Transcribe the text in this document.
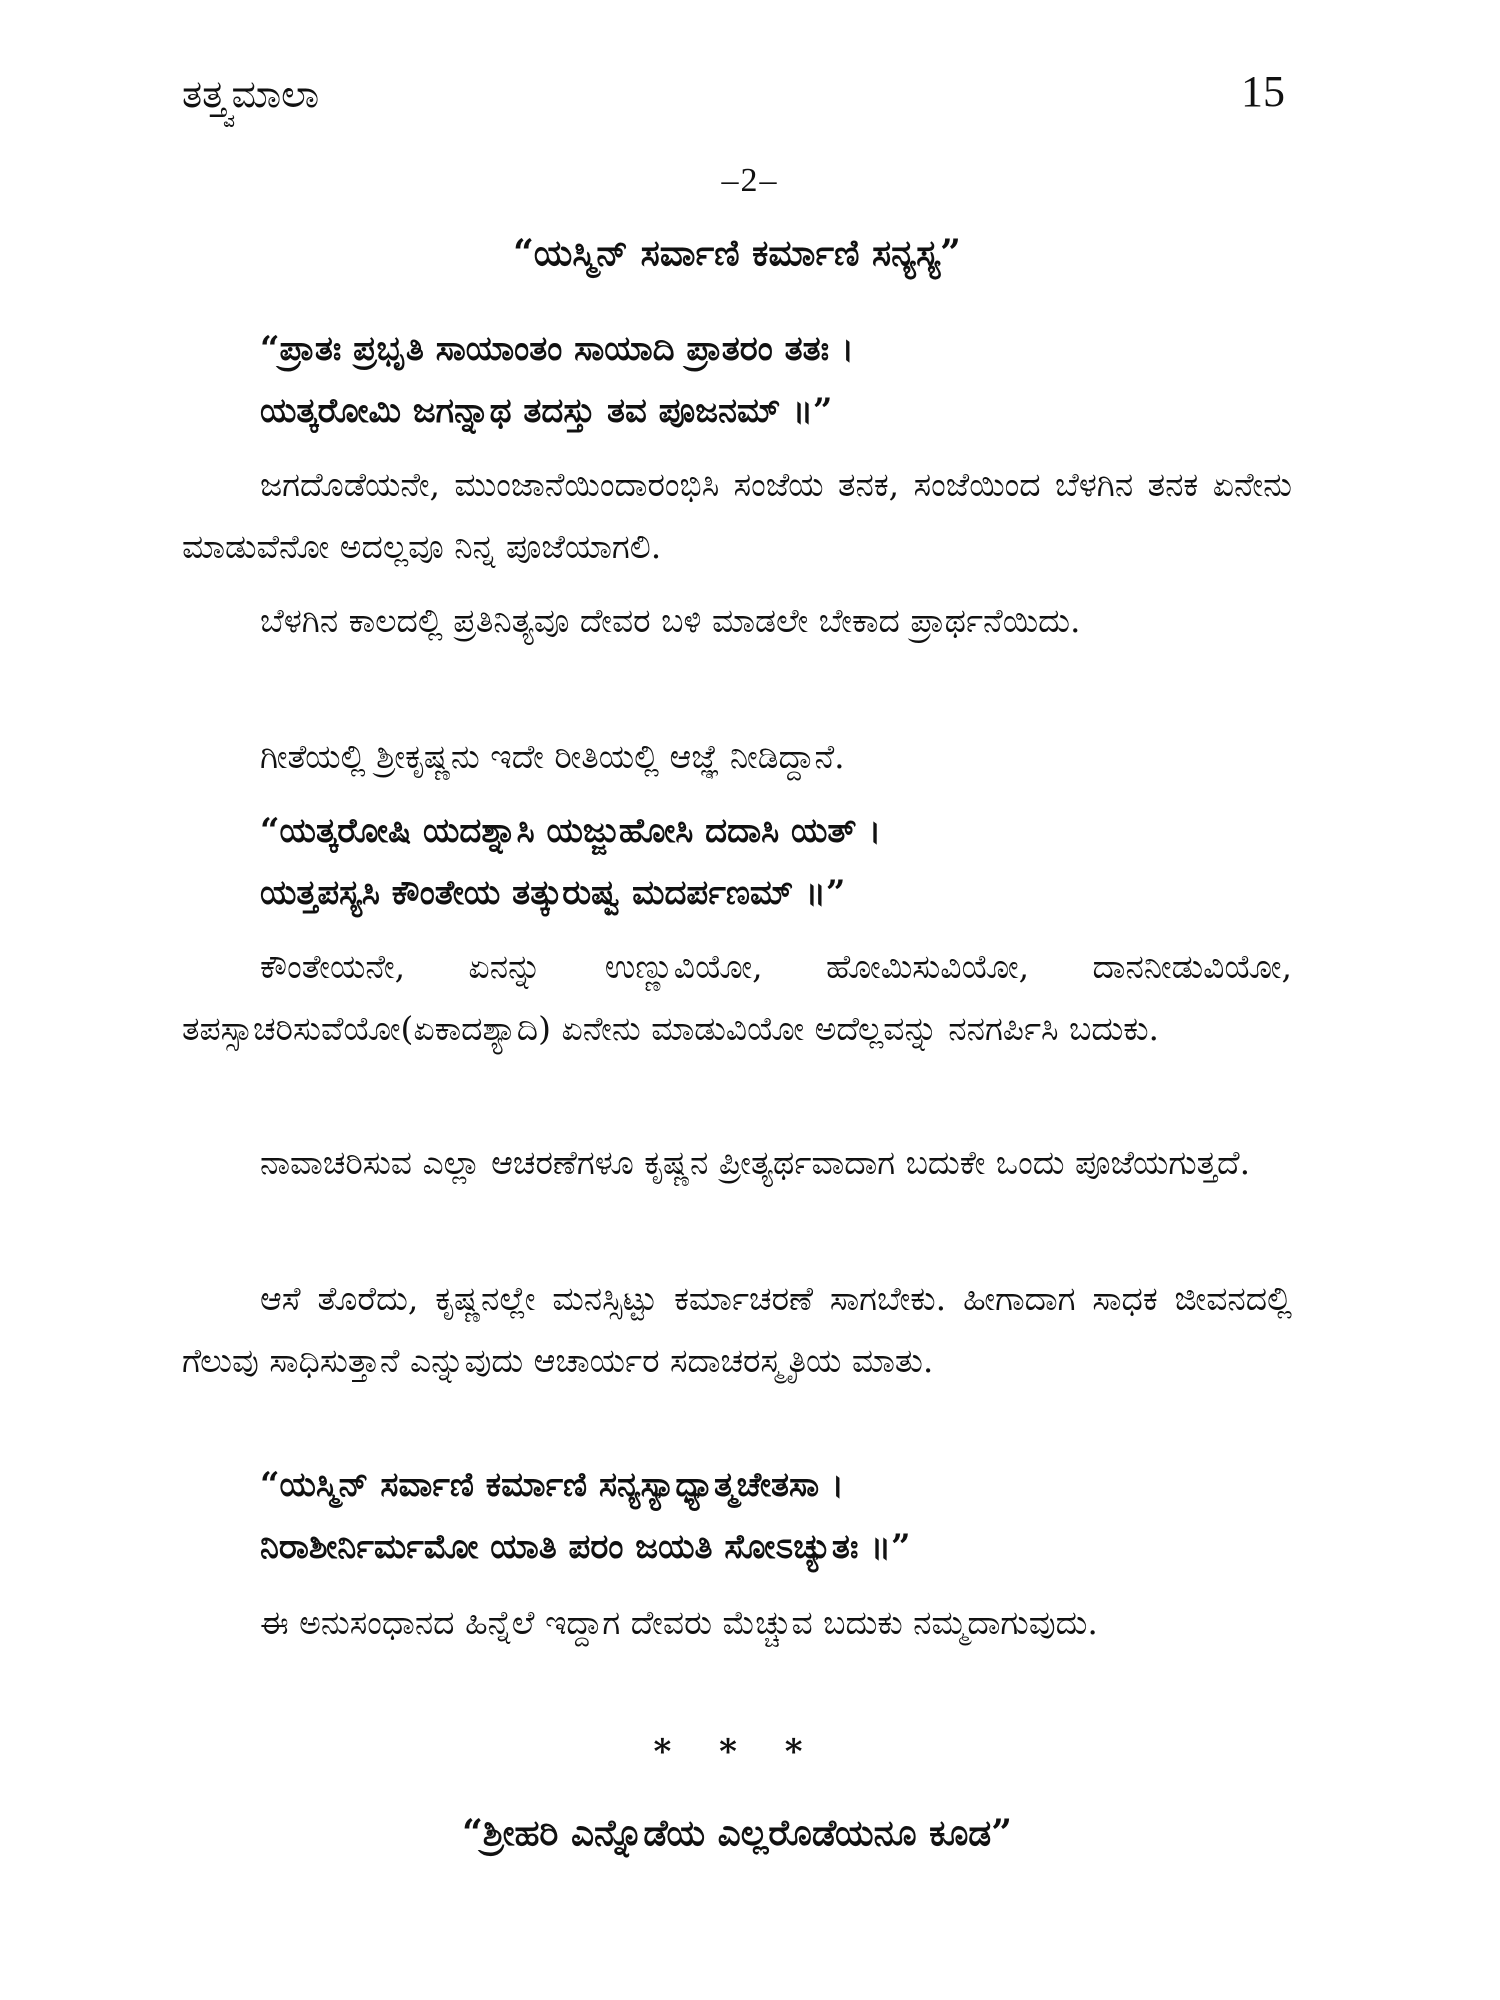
ತತ್ತ್ವಮಾಲಾ	15
–2–

“ಯಸ್ಮಿನ್ ಸರ್ವಾಣಿ ಕರ್ಮಾಣಿ ಸನ್ಯಸ್ಯ”

“ಪ್ರಾತಃ ಪ್ರಭೃತಿ ಸಾಯಾಂತಂ ಸಾಯಾದಿ ಪ್ರಾತರಂ ತತಃ ।
ಯತ್ಕರೋಮಿ ಜಗನ್ನಾಥ ತದಸ್ತು ತವ ಪೂಜನಮ್ ॥”

ಜಗದೊಡೆಯನೇ, ಮುಂಜಾನೆಯಿಂದಾರಂಭಿಸಿ ಸಂಜೆಯ ತನಕ, ಸಂಜೆಯಿಂದ ಬೆಳಗಿನ ತನಕ ಏನೇನು ಮಾಡುವೆನೋ ಅದಲ್ಲವೂ ನಿನ್ನ ಪೂಜೆಯಾಗಲಿ.

ಬೆಳಗಿನ ಕಾಲದಲ್ಲಿ ಪ್ರತಿನಿತ್ಯವೂ ದೇವರ ಬಳಿ ಮಾಡಲೇ ಬೇಕಾದ ಪ್ರಾರ್ಥನೆಯಿದು.

ಗೀತೆಯಲ್ಲಿ ಶ್ರೀಕೃಷ್ಣನು ಇದೇ ರೀತಿಯಲ್ಲಿ ಆಜ್ಞೆ ನೀಡಿದ್ದಾನೆ.

“ಯತ್ಕರೋಷಿ ಯದಶ್ನಾಸಿ ಯಜ್ಜುಹೋಸಿ ದದಾಸಿ ಯತ್ ।
ಯತ್ತಪಸ್ಯಸಿ ಕೌಂತೇಯ ತತ್ಕುರುಷ್ವ ಮದರ್ಪಣಮ್ ॥”

ಕೌಂತೇಯನೇ, ಏನನ್ನು ಉಣ್ಣುವಿಯೋ, ಹೋಮಿಸುವಿಯೋ, ದಾನನೀಡುವಿಯೋ, ತಪಸ್ಸಾಚರಿಸುವೆಯೋ(ಏಕಾದಶ್ಯಾದಿ) ಏನೇನು ಮಾಡುವಿಯೋ ಅದೆಲ್ಲವನ್ನು ನನಗರ್ಪಿಸಿ ಬದುಕು.

ನಾವಾಚರಿಸುವ ಎಲ್ಲಾ ಆಚರಣೆಗಳೂ ಕೃಷ್ಣನ ಪ್ರೀತ್ಯರ್ಥವಾದಾಗ ಬದುಕೇ ಒಂದು ಪೂಜೆಯಗುತ್ತದೆ.

ಆಸೆ ತೊರೆದು, ಕೃಷ್ಣನಲ್ಲೇ ಮನಸ್ಸಿಟ್ಟು ಕರ್ಮಾಚರಣೆ ಸಾಗಬೇಕು. ಹೀಗಾದಾಗ ಸಾಧಕ ಜೀವನದಲ್ಲಿ ಗೆಲುವು ಸಾಧಿಸುತ್ತಾನೆ ಎನ್ನುವುದು ಆಚಾರ್ಯರ ಸದಾಚರಸ್ಮೃತಿಯ ಮಾತು.

“ಯಸ್ಮಿನ್ ಸರ್ವಾಣಿ ಕರ್ಮಾಣಿ ಸನ್ಯಸ್ಯಾಧ್ಯಾತ್ಮಚೇತಸಾ ।
ನಿರಾಶೀರ್ನಿರ್ಮಮೋ ಯಾತಿ ಪರಂ ಜಯತಿ ಸೋಽಚ್ಯುತಃ ॥”

ಈ ಅನುಸಂಧಾನದ ಹಿನ್ನೆಲೆ ಇದ್ದಾಗ ದೇವರು ಮೆಚ್ಚುವ ಬದುಕು ನಮ್ಮದಾಗುವುದು.

* * *

“ಶ್ರೀಹರಿ ಎನ್ನೊಡೆಯ ಎಲ್ಲರೊಡೆಯನೂ ಕೂಡ”
